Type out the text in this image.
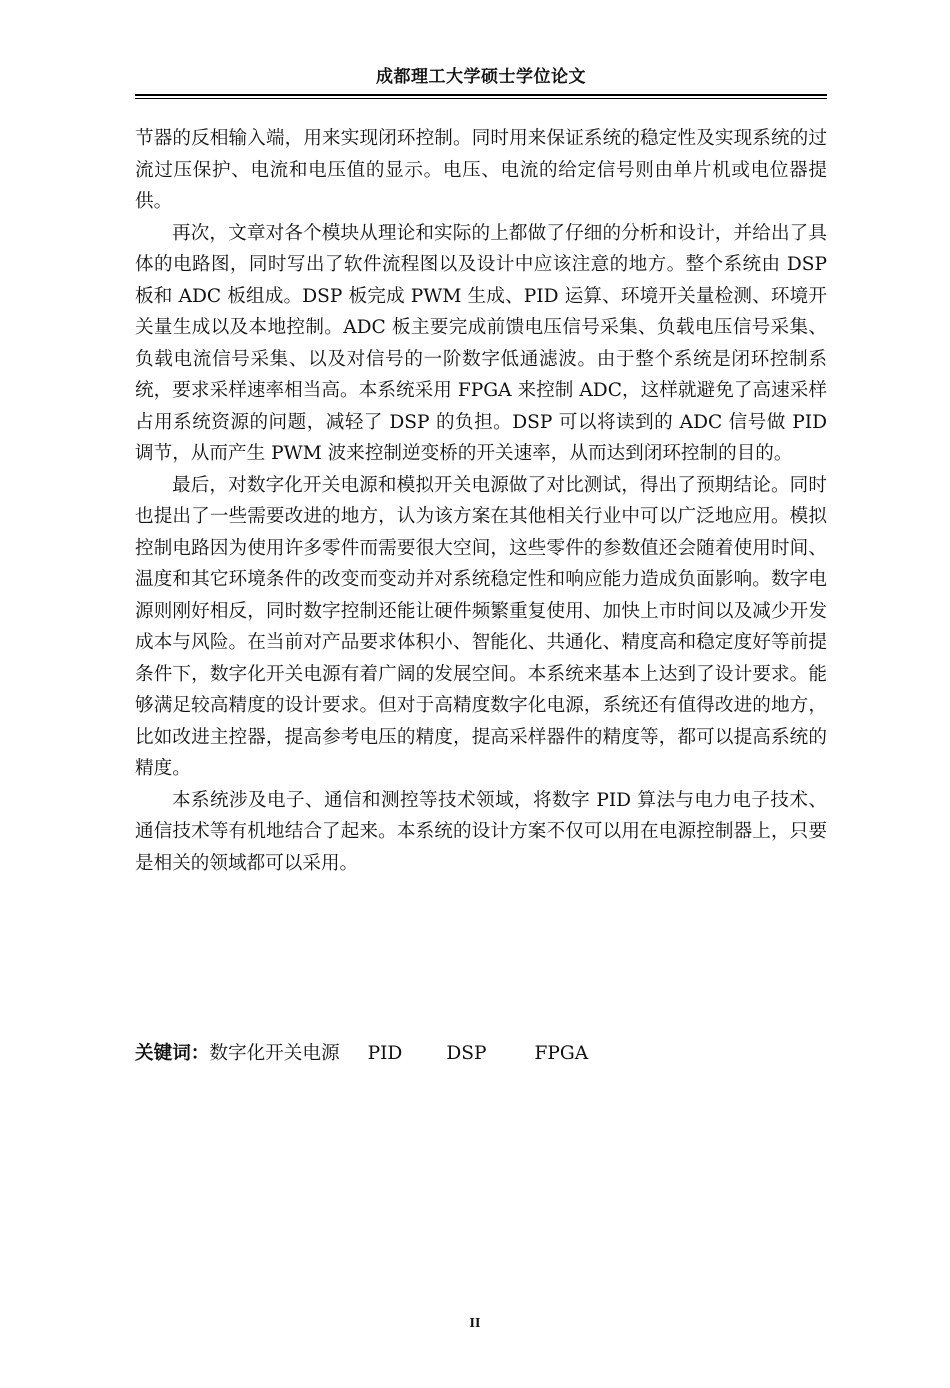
成都理工大学硕士学位论文

节器的反相输入端，用来实现闭环控制。同时用来保证系统的稳定性及实现系统的过流过压保护、电流和电压值的显示。电压、电流的给定信号则由单片机或电位器提供。

再次，文章对各个模块从理论和实际的上都做了仔细的分析和设计，并给出了具体的电路图，同时写出了软件流程图以及设计中应该注意的地方。整个系统由 DSP 板和 ADC 板组成。DSP 板完成 PWM 生成、PID 运算、环境开关量检测、环境开关量生成以及本地控制。ADC 板主要完成前馈电压信号采集、负载电压信号采集、负载电流信号采集、以及对信号的一阶数字低通滤波。由于整个系统是闭环控制系统，要求采样速率相当高。本系统采用 FPGA 来控制 ADC，这样就避免了高速采样占用系统资源的问题，减轻了 DSP 的负担。DSP 可以将读到的 ADC 信号做 PID 调节，从而产生 PWM 波来控制逆变桥的开关速率，从而达到闭环控制的目的。

最后，对数字化开关电源和模拟开关电源做了对比测试，得出了预期结论。同时也提出了一些需要改进的地方，认为该方案在其他相关行业中可以广泛地应用。模拟控制电路因为使用许多零件而需要很大空间，这些零件的参数值还会随着使用时间、温度和其它环境条件的改变而变动并对系统稳定性和响应能力造成负面影响。数字电源则刚好相反，同时数字控制还能让硬件频繁重复使用、加快上市时间以及减少开发成本与风险。在当前对产品要求体积小、智能化、共通化、精度高和稳定度好等前提条件下，数字化开关电源有着广阔的发展空间。本系统来基本上达到了设计要求。能够满足较高精度的设计要求。但对于高精度数字化电源，系统还有值得改进的地方，比如改进主控器，提高参考电压的精度，提高采样器件的精度等，都可以提高系统的精度。

本系统涉及电子、通信和测控等技术领域，将数字 PID 算法与电力电子技术、通信技术等有机地结合了起来。本系统的设计方案不仅可以用在电源控制器上，只要是相关的领域都可以采用。

关键词：数字化开关电源 PID DSP	FPGA
II
